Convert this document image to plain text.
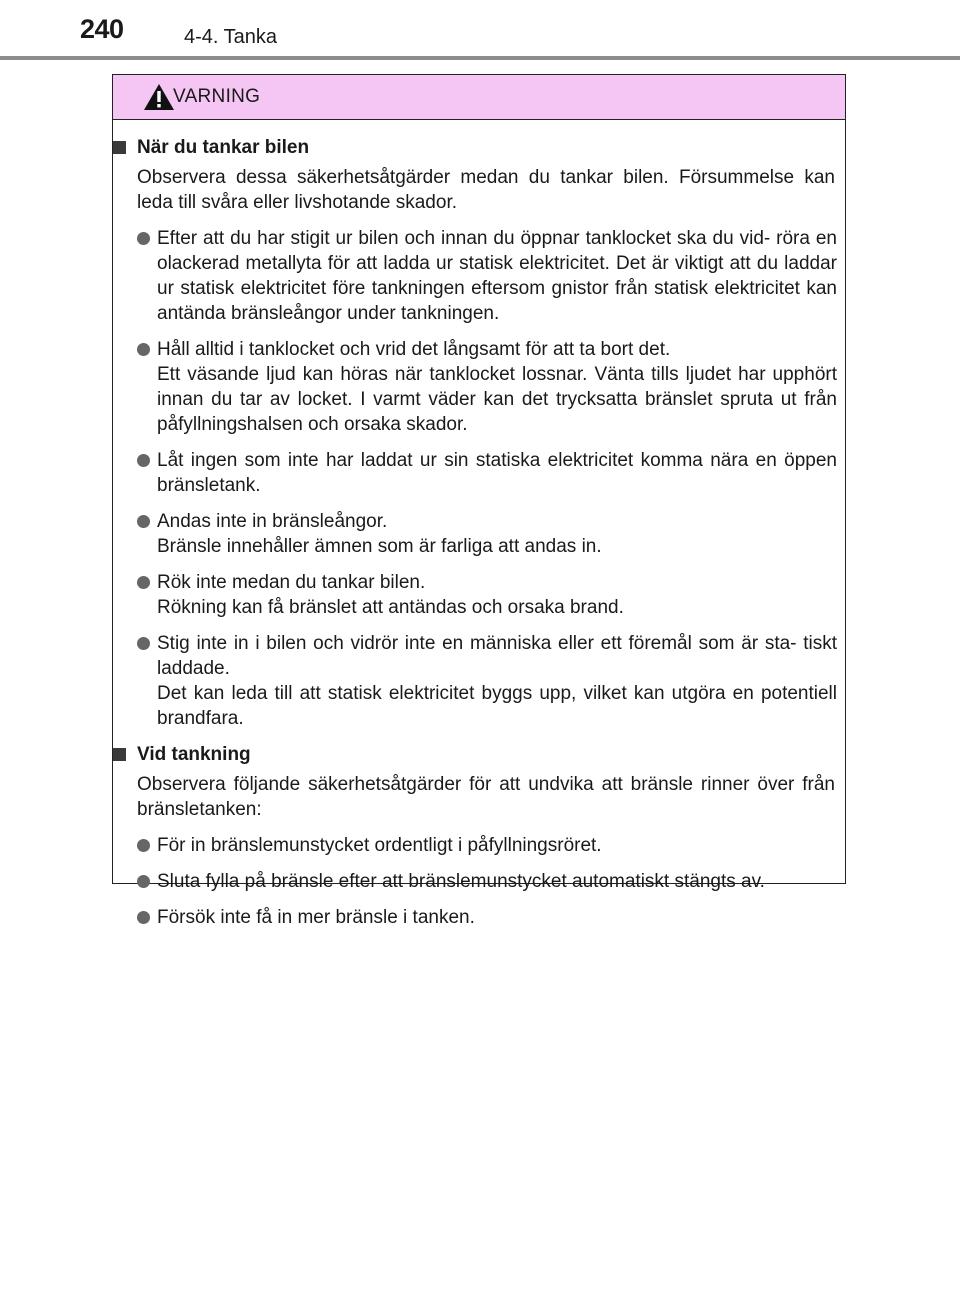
240	4-4. Tanka
VARNING
När du tankar bilen
Observera dessa säkerhetsåtgärder medan du tankar bilen. Försummelse kan leda till svåra eller livshotande skador.
Efter att du har stigit ur bilen och innan du öppnar tanklocket ska du vid- röra en olackerad metallyta för att ladda ur statisk elektricitet. Det är viktigt att du laddar ur statisk elektricitet före tankningen eftersom gnistor från statisk elektricitet kan antända bränsleångor under tankningen.
Håll alltid i tanklocket och vrid det långsamt för att ta bort det.
Ett väsande ljud kan höras när tanklocket lossnar. Vänta tills ljudet har upphört innan du tar av locket. I varmt väder kan det trycksatta bränslet spruta ut från påfyllningshalsen och orsaka skador.
Låt ingen som inte har laddat ur sin statiska elektricitet komma nära en öppen bränsletank.
Andas inte in bränsleångor.
Bränsle innehåller ämnen som är farliga att andas in.
Rök inte medan du tankar bilen.
Rökning kan få bränslet att antändas och orsaka brand.
Stig inte in i bilen och vidrör inte en människa eller ett föremål som är sta- tiskt laddade.
Det kan leda till att statisk elektricitet byggs upp, vilket kan utgöra en potentiell brandfara.
Vid tankning
Observera följande säkerhetsåtgärder för att undvika att bränsle rinner över från bränsletanken:
För in bränslemunstycket ordentligt i påfyllningsröret.
Sluta fylla på bränsle efter att bränslemunstycket automatiskt stängts av.
Försök inte få in mer bränsle i tanken.
